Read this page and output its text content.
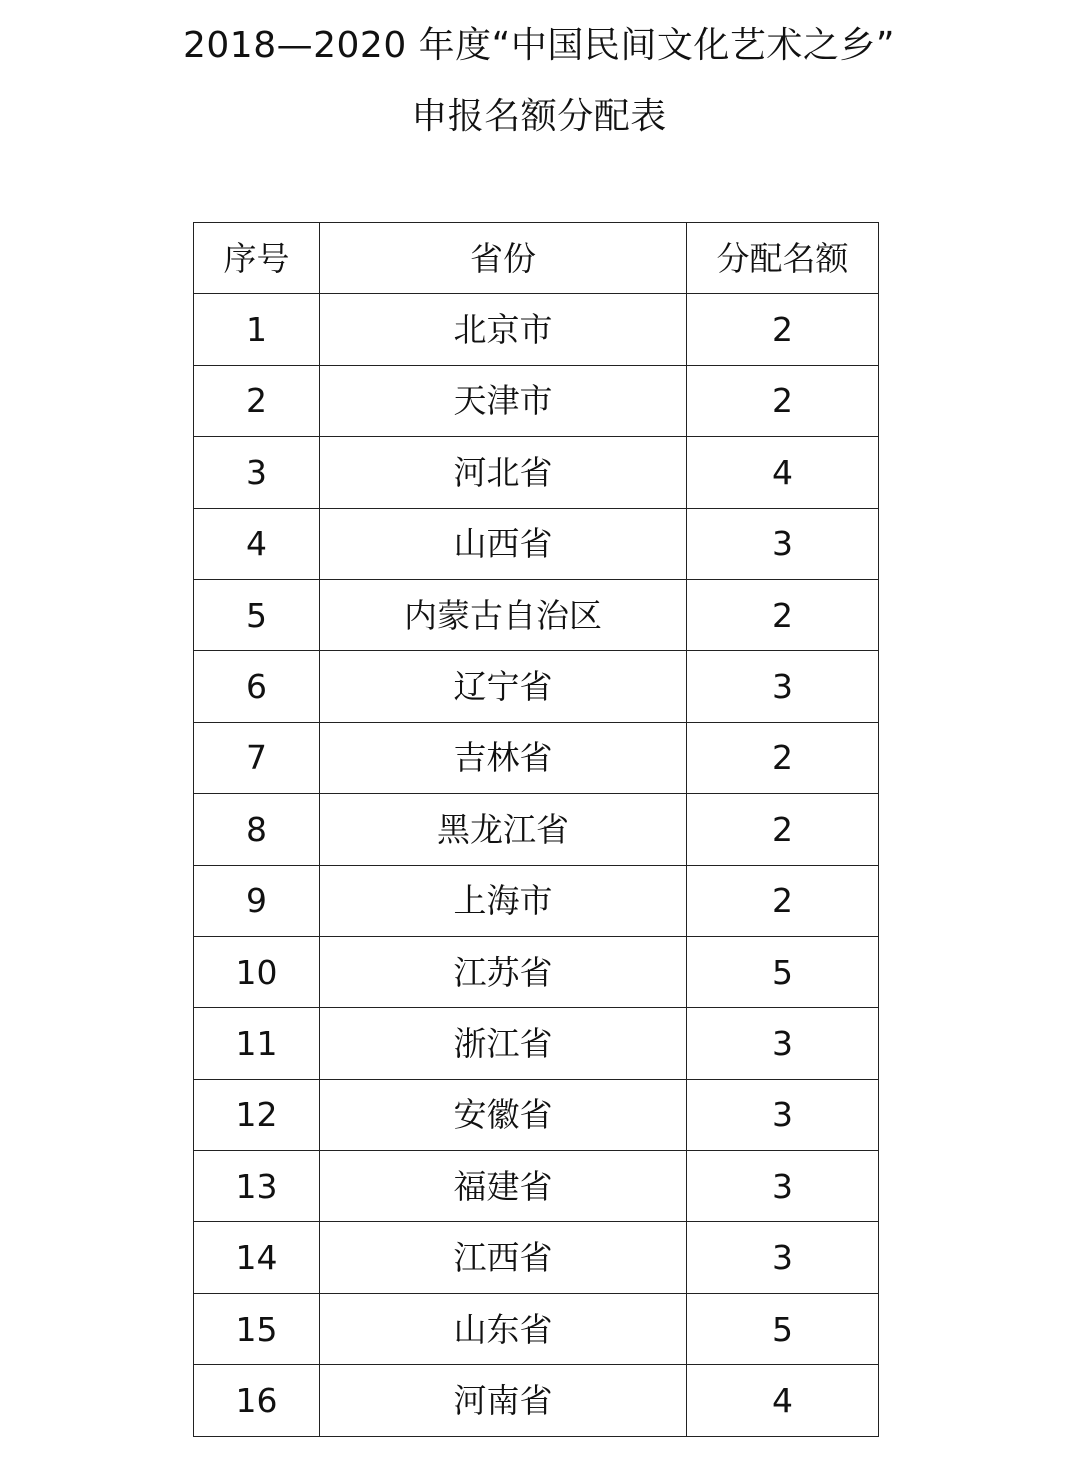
2018—2020 年度“中国民间文化艺术之乡”
申报名额分配表
序号	省份	分配名额
1	北京市	2
2	天津市	2
3	河北省	4
4	山西省	3
5	内蒙古自治区	2
6	辽宁省	3
7	吉林省	2
8	黑龙江省	2
9	上海市	2
10	江苏省	5
11	浙江省	3
12	安徽省	3
13	福建省	3
14	江西省	3
15	山东省	5
16	河南省	4
